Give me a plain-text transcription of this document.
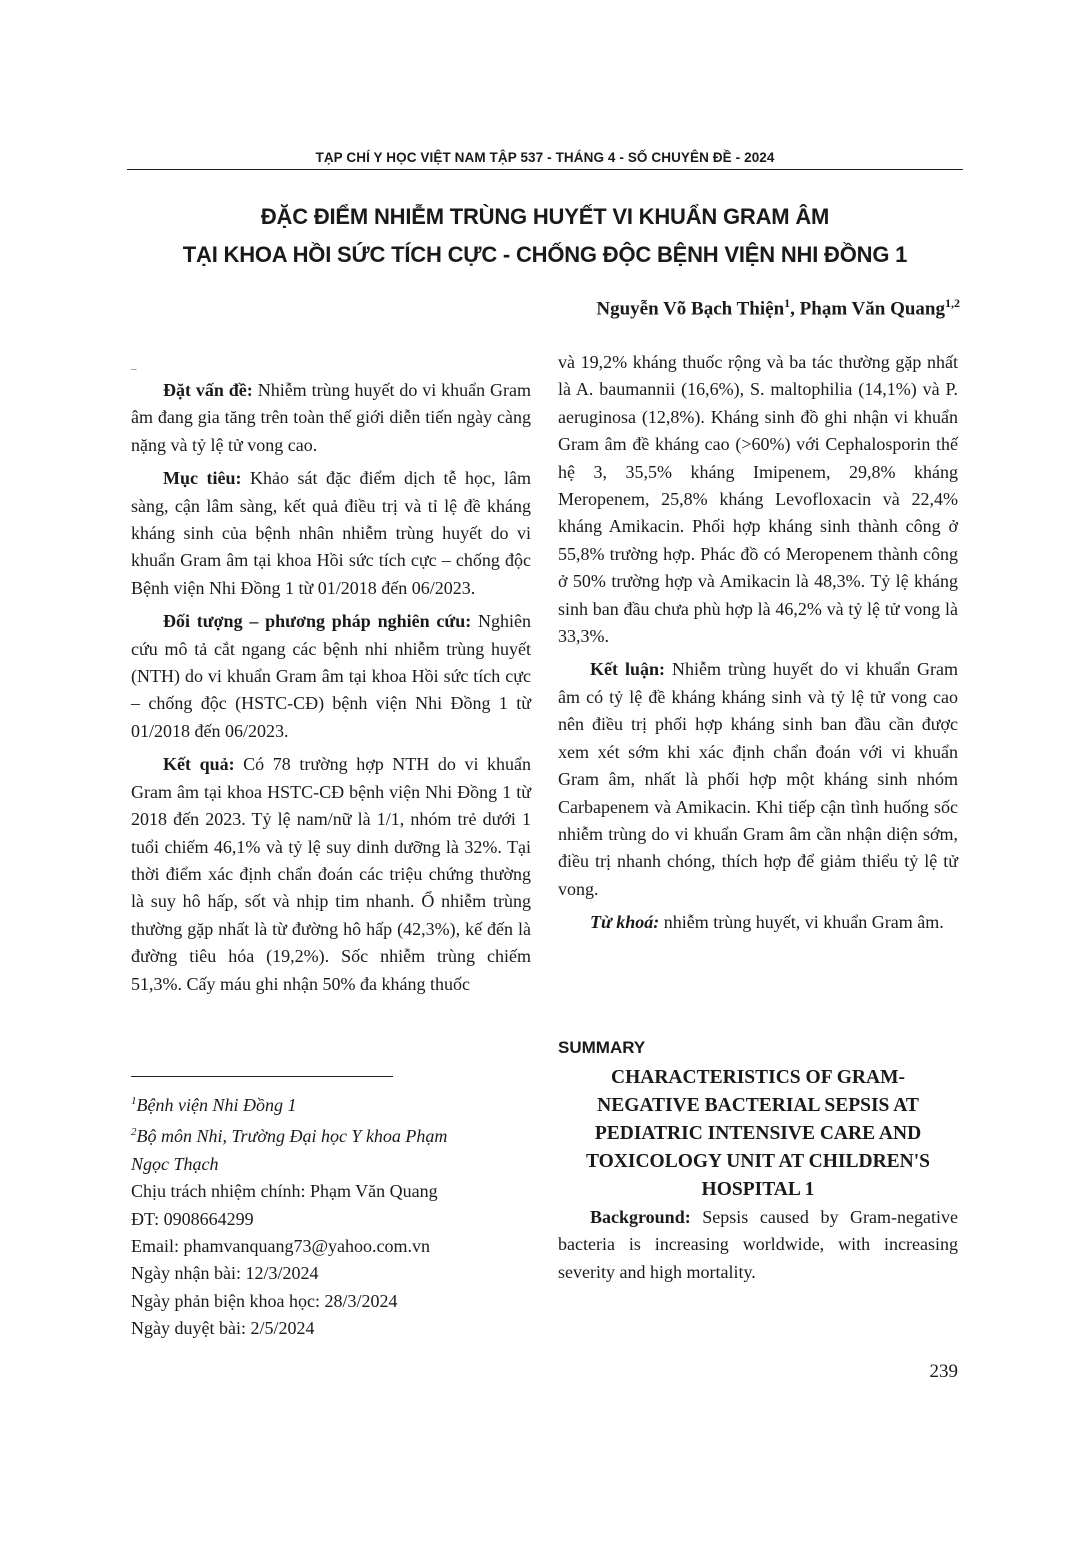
TẠP CHÍ Y HỌC VIỆT NAM TẬP 537 - THÁNG 4 - SỐ CHUYÊN ĐỀ - 2024
ĐẶC ĐIỂM NHIỄM TRÙNG HUYẾT VI KHUẨN GRAM ÂM
TẠI KHOA HỒI SỨC TÍCH CỰC - CHỐNG ĐỘC BỆNH VIỆN NHI ĐỒNG 1
Nguyễn Võ Bạch Thiện$^1$, Phạm Văn Quang$^{1,2}$
–

Đặt vấn đề: Nhiễm trùng huyết do vi khuẩn Gram âm đang gia tăng trên toàn thế giới diễn tiến ngày càng nặng và tỷ lệ tử vong cao.

Mục tiêu: Khảo sát đặc điểm dịch tễ học, lâm sàng, cận lâm sàng, kết quả điều trị và tỉ lệ đề kháng kháng sinh của bệnh nhân nhiễm trùng huyết do vi khuẩn Gram âm tại khoa Hồi sức tích cực – chống độc Bệnh viện Nhi Đồng 1 từ 01/2018 đến 06/2023.

Đối tượng – phương pháp nghiên cứu: Nghiên cứu mô tả cắt ngang các bệnh nhi nhiễm trùng huyết (NTH) do vi khuẩn Gram âm tại khoa Hồi sức tích cực – chống độc (HSTC-CĐ) bệnh viện Nhi Đồng 1 từ 01/2018 đến 06/2023.

Kết quả: Có 78 trường hợp NTH do vi khuẩn Gram âm tại khoa HSTC-CĐ bệnh viện Nhi Đồng 1 từ 2018 đến 2023. Tỷ lệ nam/nữ là 1/1, nhóm trẻ dưới 1 tuổi chiếm 46,1% và tỷ lệ suy dinh dưỡng là 32%. Tại thời điểm xác định chẩn đoán các triệu chứng thường là suy hô hấp, sốt và nhịp tim nhanh. Ổ nhiễm trùng thường gặp nhất là từ đường hô hấp (42,3%), kế đến là đường tiêu hóa (19,2%). Sốc nhiễm trùng chiếm 51,3%. Cấy máu ghi nhận 50% đa kháng thuốc

và 19,2% kháng thuốc rộng và ba tác thường gặp nhất là A. baumannii (16,6%), S. maltophilia (14,1%) và P. aeruginosa (12,8%). Kháng sinh đồ ghi nhận vi khuẩn Gram âm đề kháng cao (>60%) với Cephalosporin thế hệ 3, 35,5% kháng Imipenem, 29,8% kháng Meropenem, 25,8% kháng Levofloxacin và 22,4% kháng Amikacin. Phối hợp kháng sinh thành công ở 55,8% trường hợp. Phác đồ có Meropenem thành công ở 50% trường hợp và Amikacin là 48,3%. Tỷ lệ kháng sinh ban đầu chưa phù hợp là 46,2% và tỷ lệ tử vong là 33,3%.

Kết luận: Nhiễm trùng huyết do vi khuẩn Gram âm có tỷ lệ đề kháng kháng sinh và tỷ lệ tử vong cao nên điều trị phối hợp kháng sinh ban đầu cần được xem xét sớm khi xác định chẩn đoán với vi khuẩn Gram âm, nhất là phối hợp một kháng sinh nhóm Carbapenem và Amikacin. Khi tiếp cận tình huống sốc nhiễm trùng do vi khuẩn Gram âm cần nhận diện sớm, điều trị nhanh chóng, thích hợp để giảm thiểu tỷ lệ tử vong.

Từ khoá: nhiễm trùng huyết, vi khuẩn Gram âm.

$^1$Bệnh viện Nhi Đồng 1
$^2$Bộ môn Nhi, Trường Đại học Y khoa Phạm
Ngọc Thạch
Chịu trách nhiệm chính: Phạm Văn Quang
ĐT: 0908664299
Email: phamvanquang73@yahoo.com.vn
Ngày nhận bài: 12/3/2024
Ngày phản biện khoa học: 28/3/2024
Ngày duyệt bài: 2/5/2024
SUMMARY
CHARACTERISTICS OF GRAM-
NEGATIVE BACTERIAL SEPSIS AT
PEDIATRIC INTENSIVE CARE AND
TOXICOLOGY UNIT AT CHILDREN'S
HOSPITAL 1

Background: Sepsis caused by Gram-negative bacteria is increasing worldwide, with increasing severity and high mortality.

239
